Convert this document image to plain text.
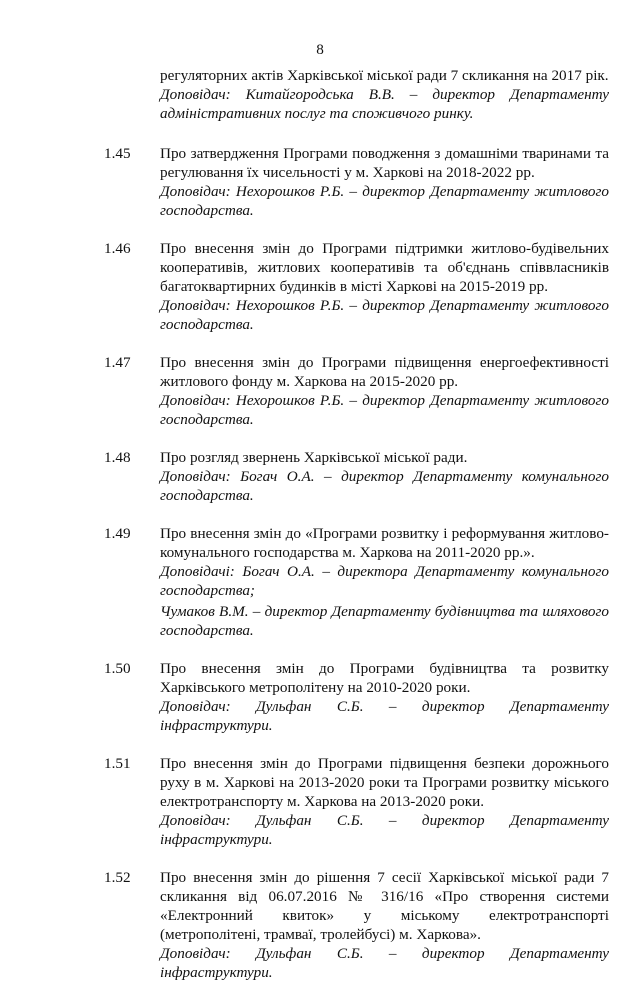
8
регуляторних актів Харківської міської ради 7 скликання на 2017 рік.
Доповідач: Китайгородська В.В. – директор Департаменту адміністративних послуг та споживчого ринку.
1.45	Про затвердження Програми поводження з домашніми тваринами та регулювання їх чисельності у м. Харкові на 2018-2022 рр.
Доповідач: Нехорошков Р.Б. – директор Департаменту житлового господарства.
1.46	Про внесення змін до Програми підтримки житлово-будівельних кооперативів, житлових кооперативів та об'єднань співвласників багатоквартирних будинків в місті Харкові на 2015-2019 рр.
Доповідач: Нехорошков Р.Б. – директор Департаменту житлового господарства.
1.47	Про внесення змін до Програми підвищення енергоефективності житлового фонду м. Харкова на 2015-2020 рр.
Доповідач: Нехорошков Р.Б. – директор Департаменту житлового господарства.
1.48	Про розгляд звернень Харківської міської ради.
Доповідач: Богач О.А. – директор Департаменту комунального господарства.
1.49	Про внесення змін до «Програми розвитку і реформування житлово-комунального господарства м. Харкова на 2011-2020 рр.».
Доповідачі: Богач О.А. – директора Департаменту комунального господарства;
Чумаков В.М. – директор Департаменту будівництва та шляхового господарства.
1.50	Про внесення змін до Програми будівництва та розвитку Харківського метрополітену на 2010-2020 роки.
Доповідач: Дульфан С.Б. – директор Департаменту інфраструктури.
1.51	Про внесення змін до Програми підвищення безпеки дорожнього руху в м. Харкові на 2013-2020 роки та Програми розвитку міського електротранспорту м. Харкова на 2013-2020 роки.
Доповідач: Дульфан С.Б. – директор Департаменту інфраструктури.
1.52	Про внесення змін до рішення 7 сесії Харківської міської ради 7 скликання від 06.07.2016 № 316/16 «Про створення системи «Електронний квиток» у міському електротранспорті (метрополітені, трамваї, тролейбусі) м. Харкова».
Доповідач: Дульфан С.Б. – директор Департаменту інфраструктури.
